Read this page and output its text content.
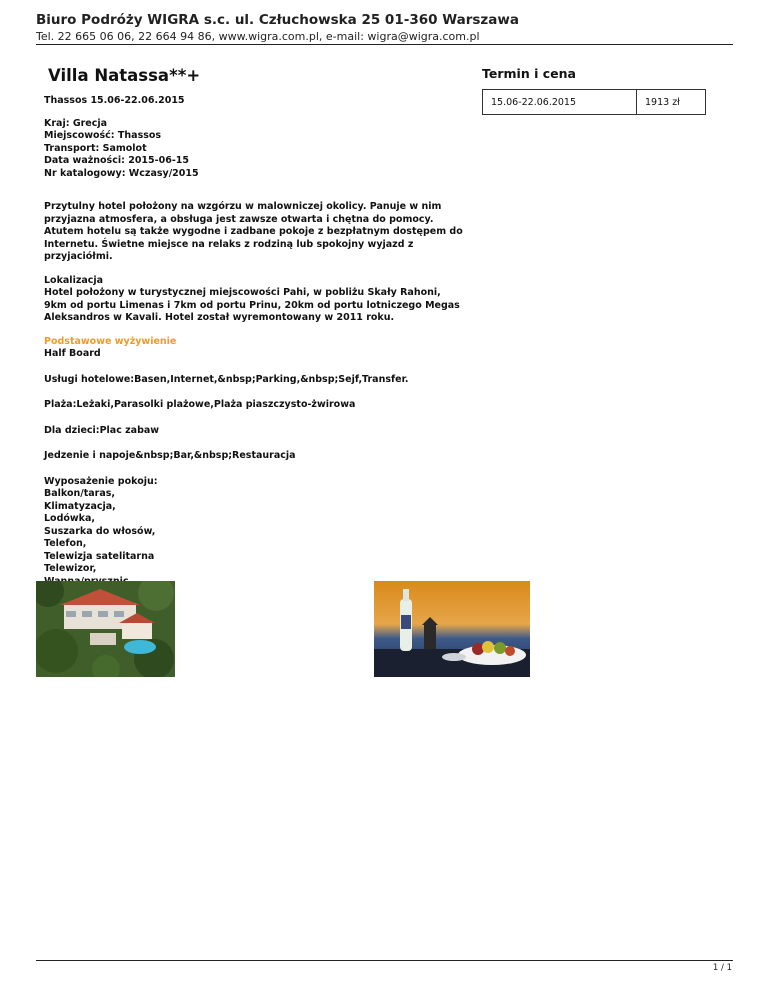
Biuro Podróży WIGRA s.c. ul. Człuchowska 25 01-360 Warszawa
Tel. 22 665 06 06, 22 664 94 86, www.wigra.com.pl, e-mail: wigra@wigra.com.pl
Villa Natassa**+
Thassos 15.06-22.06.2015
Kraj: Grecja
Miejscowość: Thassos
Transport: Samolot
Data ważności: 2015-06-15
Nr katalogowy: Wczasy/2015
Przytulny hotel położony na wzgórzu w malowniczej okolicy. Panuje w nim przyjazna atmosfera, a obsługa jest zawsze otwarta i chętna do pomocy. Atutem hotelu są także wygodne i zadbane pokoje z bezpłatnym dostępem do Internetu. Świetne miejsce na relaks z rodziną lub spokojny wyjazd z przyjaciółmi.
Lokalizacja
Hotel położony w turystycznej miejscowości Pahi, w pobliżu Skały Rahoni, 9km od portu Limenas i 7km od portu Prinu, 20km od portu lotniczego Megas Aleksandros w Kavali. Hotel został wyremontowany w 2011 roku.
Podstawowe wyżywienie
Half Board
Usługi hotelowe:Basen,Internet,&nbsp;Parking,&nbsp;Sejf,Transfer.
Plaża:Leżaki,Parasolki plażowe,Plaża piaszczysto-żwirowa
Dla dzieci:Plac zabaw
Jedzenie i napoje&nbsp;Bar,&nbsp;Restauracja
Wyposażenie pokoju:
Balkon/taras,
Klimatyzacja,
Lodówka,
Suszarka do włosów,
Telefon,
Telewizja satelitarna
Telewizor,
Termin i cena
15.06-22.06.2015	1913 zł
1 / 1
